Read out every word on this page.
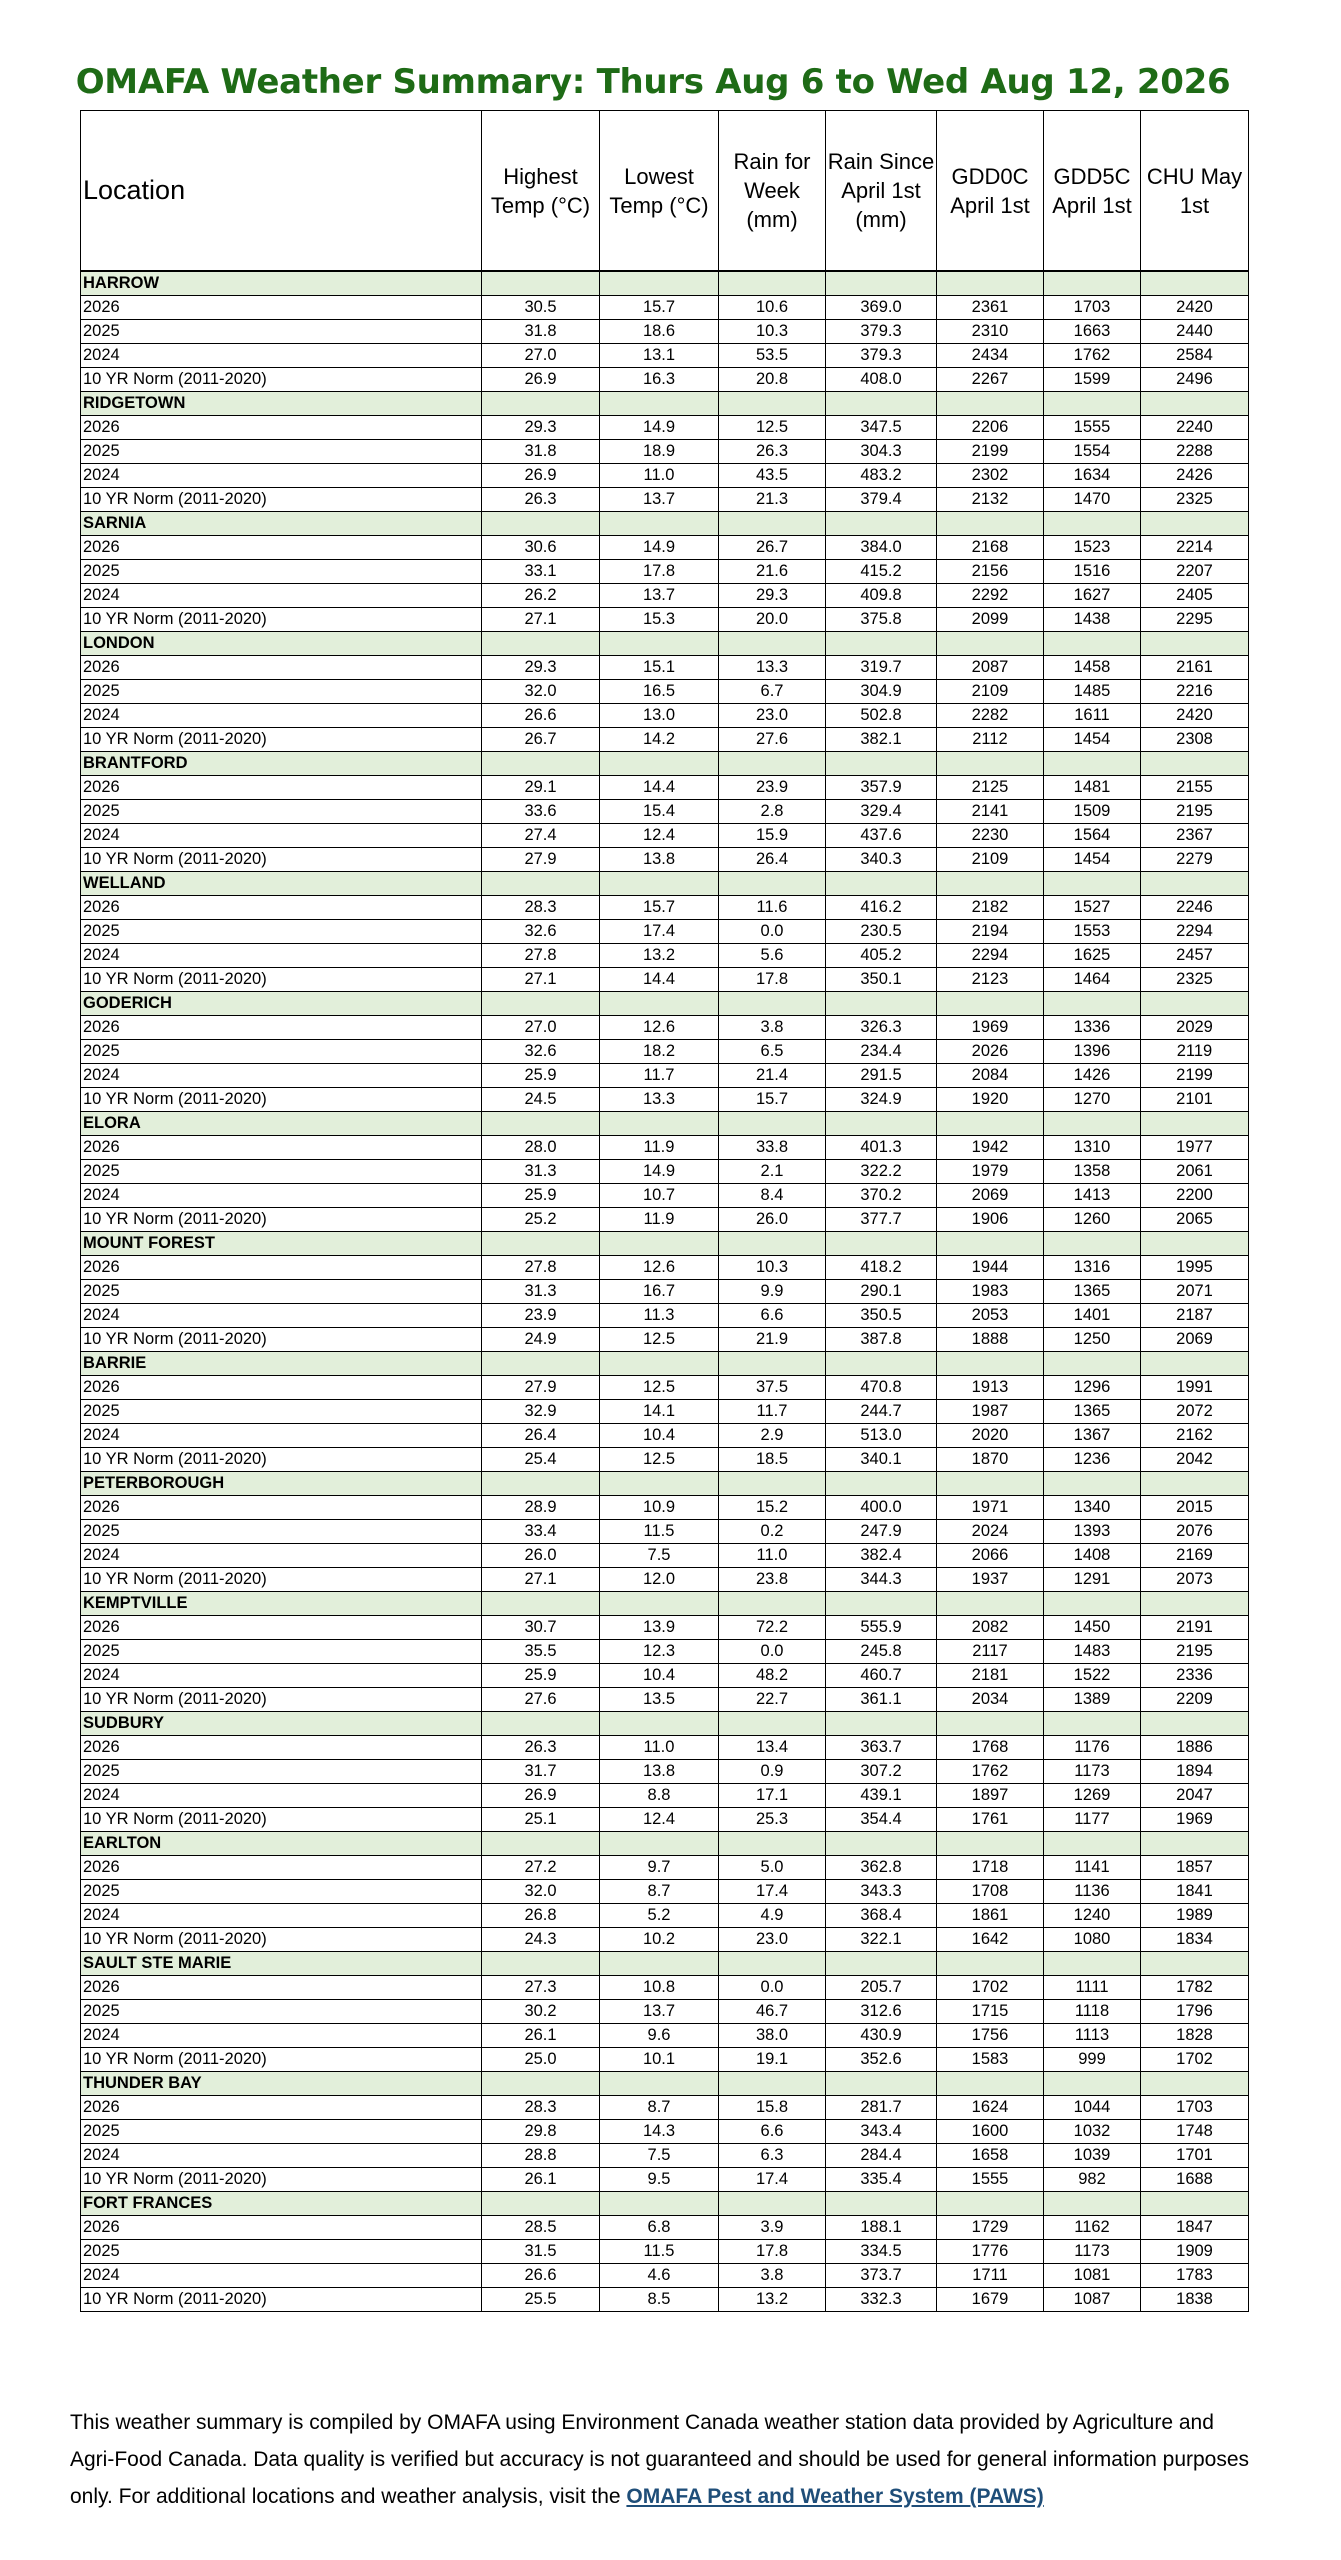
OMAFA Weather Summary: Thurs Aug 6 to Wed Aug 12, 2026
Location	Highest Temp (°C)	Lowest Temp (°C)	Rain for Week (mm)	Rain Since April 1st (mm)	GDD0C April 1st	GDD5C April 1st	CHU May 1st
HARROW							
2026	30.5	15.7	10.6	369.0	2361	1703	2420
2025	31.8	18.6	10.3	379.3	2310	1663	2440
2024	27.0	13.1	53.5	379.3	2434	1762	2584
10 YR Norm (2011-2020)	26.9	16.3	20.8	408.0	2267	1599	2496
RIDGETOWN							
2026	29.3	14.9	12.5	347.5	2206	1555	2240
2025	31.8	18.9	26.3	304.3	2199	1554	2288
2024	26.9	11.0	43.5	483.2	2302	1634	2426
10 YR Norm (2011-2020)	26.3	13.7	21.3	379.4	2132	1470	2325
SARNIA							
2026	30.6	14.9	26.7	384.0	2168	1523	2214
2025	33.1	17.8	21.6	415.2	2156	1516	2207
2024	26.2	13.7	29.3	409.8	2292	1627	2405
10 YR Norm (2011-2020)	27.1	15.3	20.0	375.8	2099	1438	2295
LONDON							
2026	29.3	15.1	13.3	319.7	2087	1458	2161
2025	32.0	16.5	6.7	304.9	2109	1485	2216
2024	26.6	13.0	23.0	502.8	2282	1611	2420
10 YR Norm (2011-2020)	26.7	14.2	27.6	382.1	2112	1454	2308
BRANTFORD							
2026	29.1	14.4	23.9	357.9	2125	1481	2155
2025	33.6	15.4	2.8	329.4	2141	1509	2195
2024	27.4	12.4	15.9	437.6	2230	1564	2367
10 YR Norm (2011-2020)	27.9	13.8	26.4	340.3	2109	1454	2279
WELLAND							
2026	28.3	15.7	11.6	416.2	2182	1527	2246
2025	32.6	17.4	0.0	230.5	2194	1553	2294
2024	27.8	13.2	5.6	405.2	2294	1625	2457
10 YR Norm (2011-2020)	27.1	14.4	17.8	350.1	2123	1464	2325
GODERICH							
2026	27.0	12.6	3.8	326.3	1969	1336	2029
2025	32.6	18.2	6.5	234.4	2026	1396	2119
2024	25.9	11.7	21.4	291.5	2084	1426	2199
10 YR Norm (2011-2020)	24.5	13.3	15.7	324.9	1920	1270	2101
ELORA							
2026	28.0	11.9	33.8	401.3	1942	1310	1977
2025	31.3	14.9	2.1	322.2	1979	1358	2061
2024	25.9	10.7	8.4	370.2	2069	1413	2200
10 YR Norm (2011-2020)	25.2	11.9	26.0	377.7	1906	1260	2065
MOUNT FOREST							
2026	27.8	12.6	10.3	418.2	1944	1316	1995
2025	31.3	16.7	9.9	290.1	1983	1365	2071
2024	23.9	11.3	6.6	350.5	2053	1401	2187
10 YR Norm (2011-2020)	24.9	12.5	21.9	387.8	1888	1250	2069
BARRIE							
2026	27.9	12.5	37.5	470.8	1913	1296	1991
2025	32.9	14.1	11.7	244.7	1987	1365	2072
2024	26.4	10.4	2.9	513.0	2020	1367	2162
10 YR Norm (2011-2020)	25.4	12.5	18.5	340.1	1870	1236	2042
PETERBOROUGH							
2026	28.9	10.9	15.2	400.0	1971	1340	2015
2025	33.4	11.5	0.2	247.9	2024	1393	2076
2024	26.0	7.5	11.0	382.4	2066	1408	2169
10 YR Norm (2011-2020)	27.1	12.0	23.8	344.3	1937	1291	2073
KEMPTVILLE							
2026	30.7	13.9	72.2	555.9	2082	1450	2191
2025	35.5	12.3	0.0	245.8	2117	1483	2195
2024	25.9	10.4	48.2	460.7	2181	1522	2336
10 YR Norm (2011-2020)	27.6	13.5	22.7	361.1	2034	1389	2209
SUDBURY							
2026	26.3	11.0	13.4	363.7	1768	1176	1886
2025	31.7	13.8	0.9	307.2	1762	1173	1894
2024	26.9	8.8	17.1	439.1	1897	1269	2047
10 YR Norm (2011-2020)	25.1	12.4	25.3	354.4	1761	1177	1969
EARLTON							
2026	27.2	9.7	5.0	362.8	1718	1141	1857
2025	32.0	8.7	17.4	343.3	1708	1136	1841
2024	26.8	5.2	4.9	368.4	1861	1240	1989
10 YR Norm (2011-2020)	24.3	10.2	23.0	322.1	1642	1080	1834
SAULT STE MARIE							
2026	27.3	10.8	0.0	205.7	1702	1111	1782
2025	30.2	13.7	46.7	312.6	1715	1118	1796
2024	26.1	9.6	38.0	430.9	1756	1113	1828
10 YR Norm (2011-2020)	25.0	10.1	19.1	352.6	1583	999	1702
THUNDER BAY							
2026	28.3	8.7	15.8	281.7	1624	1044	1703
2025	29.8	14.3	6.6	343.4	1600	1032	1748
2024	28.8	7.5	6.3	284.4	1658	1039	1701
10 YR Norm (2011-2020)	26.1	9.5	17.4	335.4	1555	982	1688
FORT FRANCES							
2026	28.5	6.8	3.9	188.1	1729	1162	1847
2025	31.5	11.5	17.8	334.5	1776	1173	1909
2024	26.6	4.6	3.8	373.7	1711	1081	1783
10 YR Norm (2011-2020)	25.5	8.5	13.2	332.3	1679	1087	1838
This weather summary is compiled by OMAFA using Environment Canada weather station data provided by Agriculture and Agri-Food Canada. Data quality is verified but accuracy is not guaranteed and should be used for general information purposes only. For additional locations and weather analysis, visit the OMAFA Pest and Weather System (PAWS)
